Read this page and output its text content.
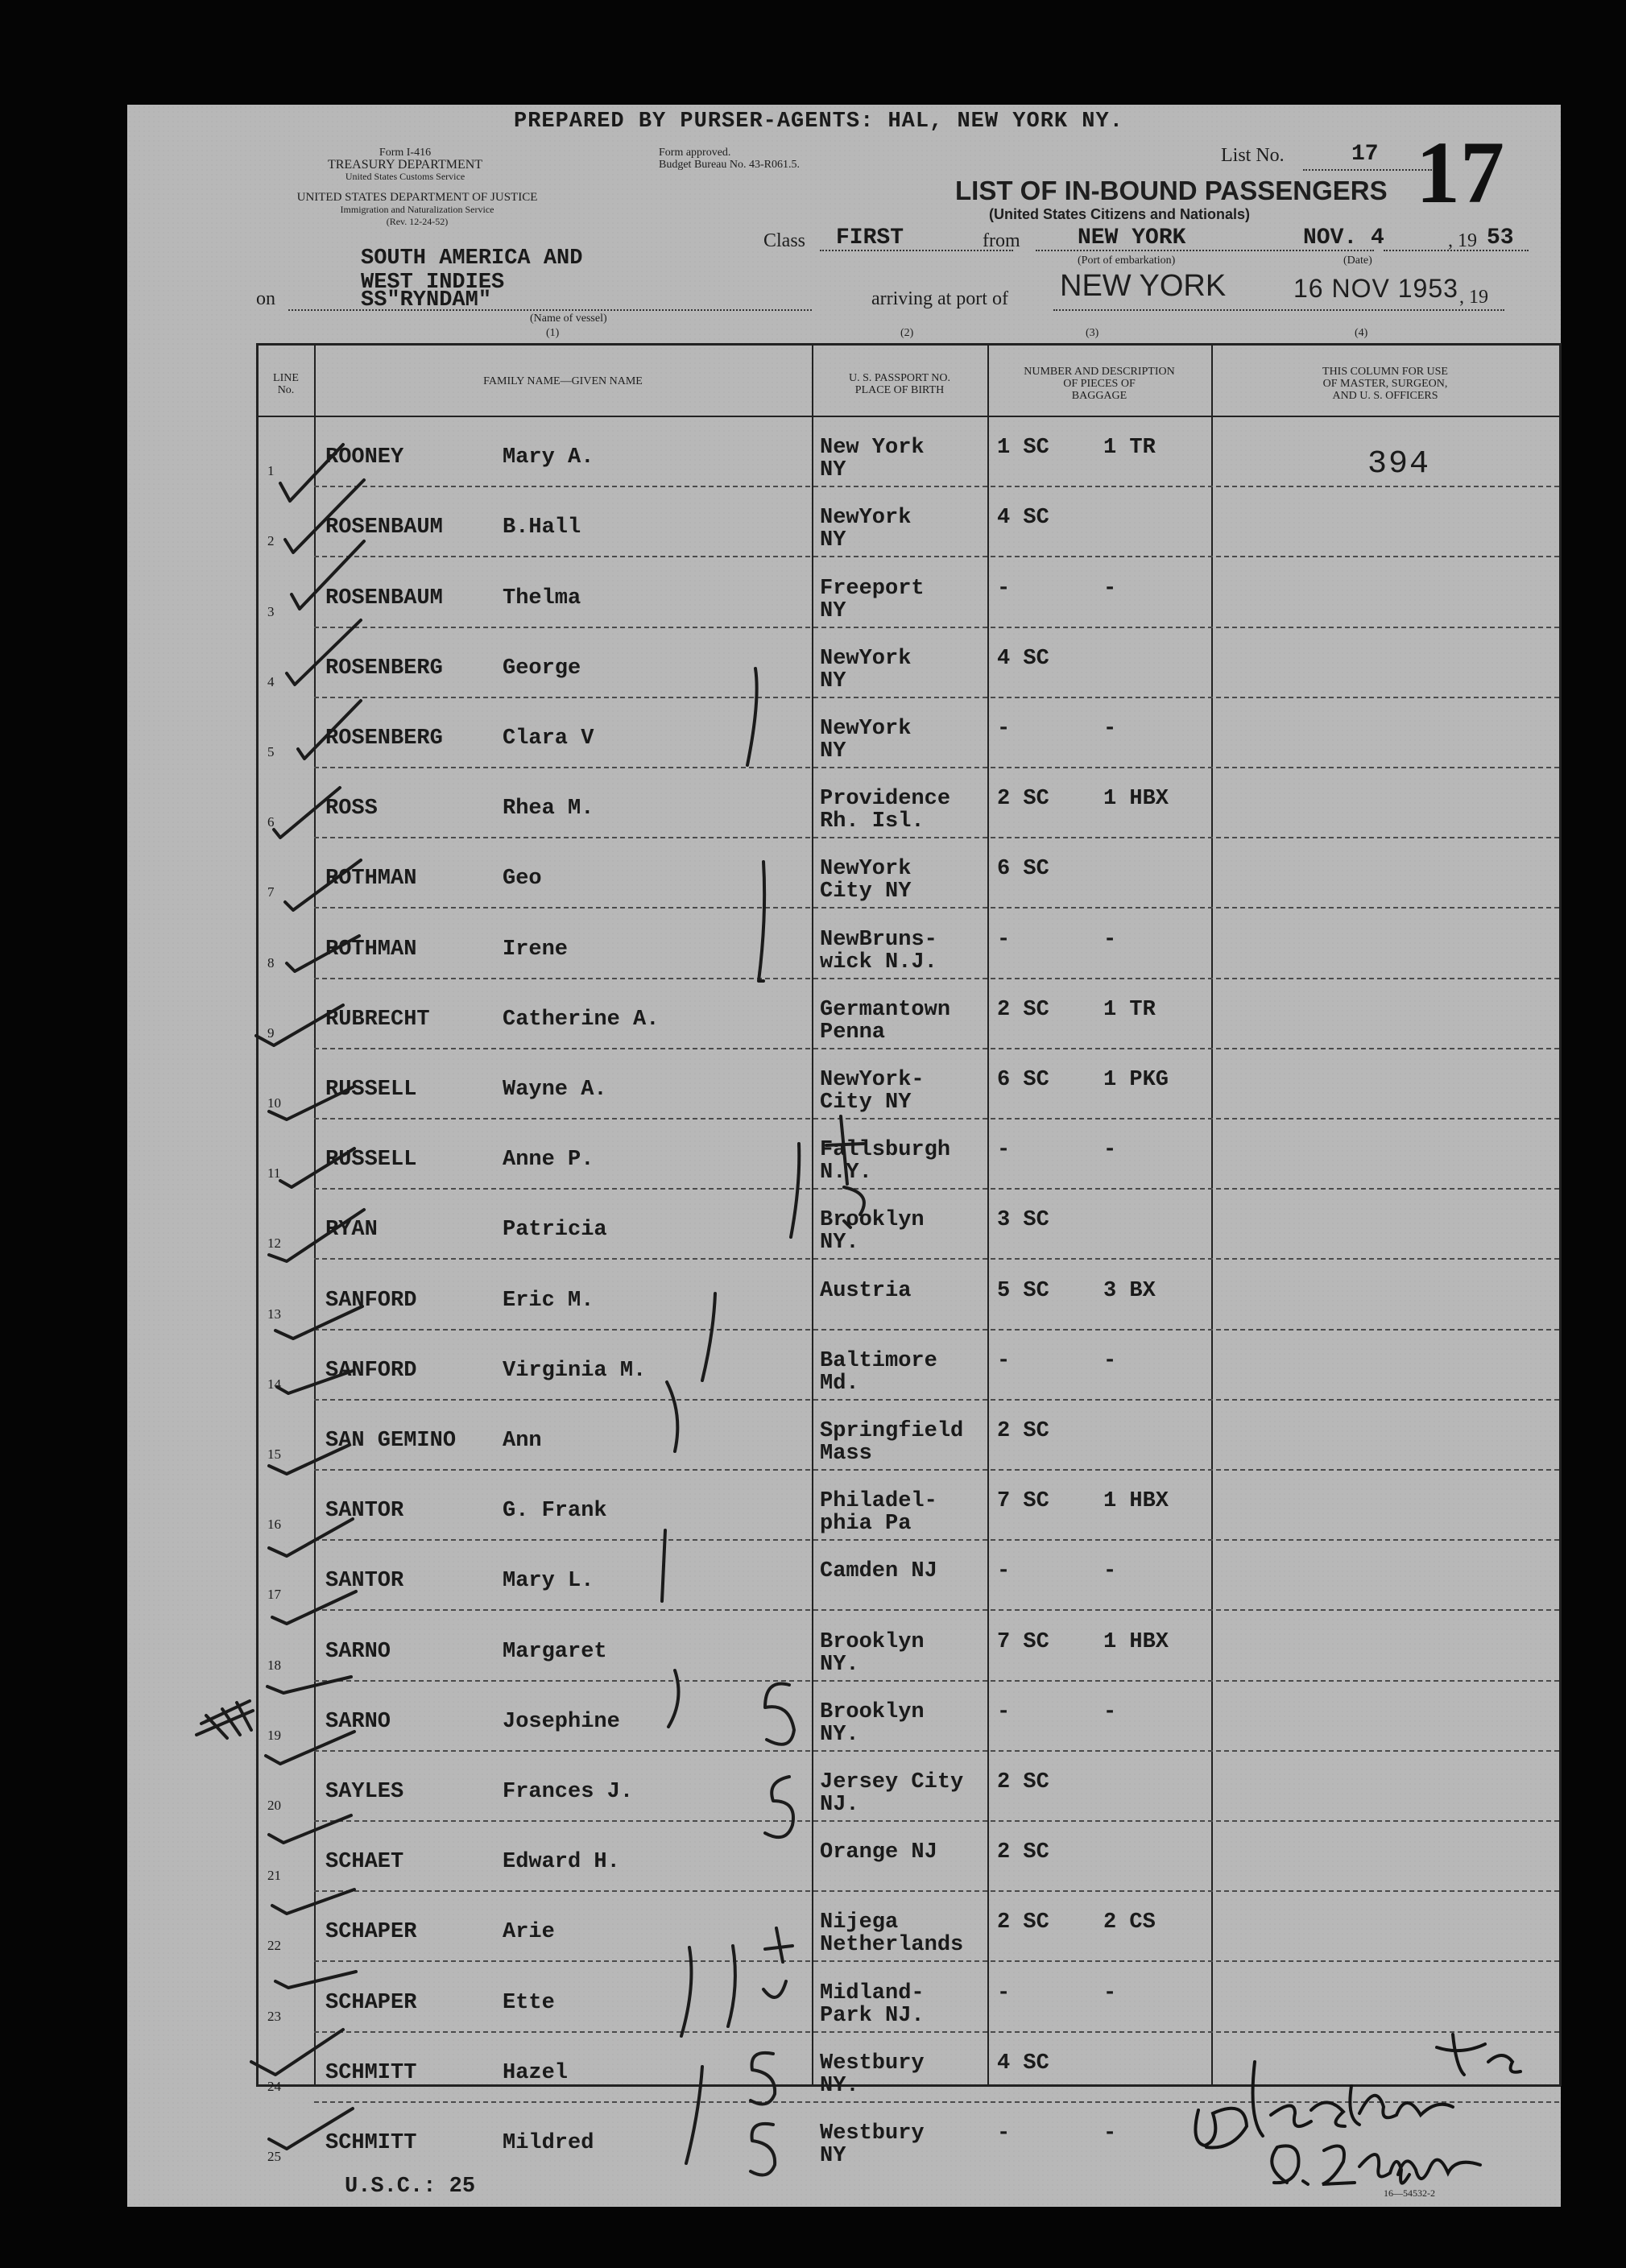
PREPARED BY PURSER-AGENTS: HAL, NEW YORK NY.
Form I-416
TREASURY DEPARTMENT
United States Customs Service
UNITED STATES DEPARTMENT OF JUSTICE
Immigration and Naturalization Service
(Rev. 12-24-52)
Form approved.
Budget Bureau No. 43-R061.5.	List No.	17 17
LIST OF IN-BOUND PASSENGERS
(United States Citizens and Nationals)
Class FIRST	from	NEW YORK
(Port of embarkation)
NOV. 4	, 19 53
(Date)
SOUTH AMERICA AND
WEST INDIES
SS"RYNDAM"
on
(Name of vessel)
arriving at port of NEW YORK	16 NOV 1953 , 19
(1)	(2)	(3)	(4)
LINE
No.
FAMILY NAME—GIVEN NAME	U. S. PASSPORT NO.
PLACE OF BIRTH
NUMBER AND DESCRIPTION
OF PIECES OF
BAGGAGE
THIS COLUMN FOR USE
OF MASTER, SURGEON,
AND U. S. OFFICERS
394
1
ROONEY	Mary A.	New York
NY
1 SC 1 TR
2
ROSENBAUM	B.Hall	NewYork
NY
4 SC
3
ROSENBAUM	Thelma	Freeport
NY
-	-
4
ROSENBERG	George	NewYork
NY
4 SC
5
ROSENBERG	Clara V	NewYork
NY
-	-
6
ROSS	Rhea M.	Providence
Rh. Isl.
2 SC 1 HBX
7
ROTHMAN	Geo	NewYork
City NY
6 SC
8
ROTHMAN	Irene	NewBruns-
wick N.J.
-	-
9
RUBRECHT	Catherine A.	Germantown
Penna
2 SC 1 TR
10
RUSSELL	Wayne A.	NewYork-
City NY
6 SC 1 PKG
11
RUSSELL	Anne P.	Fallsburgh
N.Y.
-	-
12
RYAN	Patricia	Brooklyn
NY.
3 SC
13
SANFORD	Eric M.	Austria	5 SC 3 BX
14
SANFORD	Virginia M.	Baltimore
Md.
-	-
15
SAN GEMINO Ann	Springfield
Mass
2 SC
16
SANTOR	G. Frank	Philadel-
phia Pa
7 SC 1 HBX
17
SANTOR	Mary L.	Camden NJ	-	-
18
SARNO	Margaret	Brooklyn
NY.
7 SC 1 HBX
19
SARNO	Josephine	Brooklyn
NY.
-	-
20
SAYLES	Frances J.	Jersey City
NJ.
2 SC
21
SCHAET	Edward H.	Orange NJ	2 SC
22
SCHAPER	Arie	Nijega
Netherlands
2 SC 2 CS
23
SCHAPER	Ette	Midland-
Park NJ.
-	-
24
SCHMITT	Hazel	Westbury
NY.
4 SC
25
SCHMITT	Mildred	Westbury
NY
-	-
U.S.C.: 25	16—54532-2
